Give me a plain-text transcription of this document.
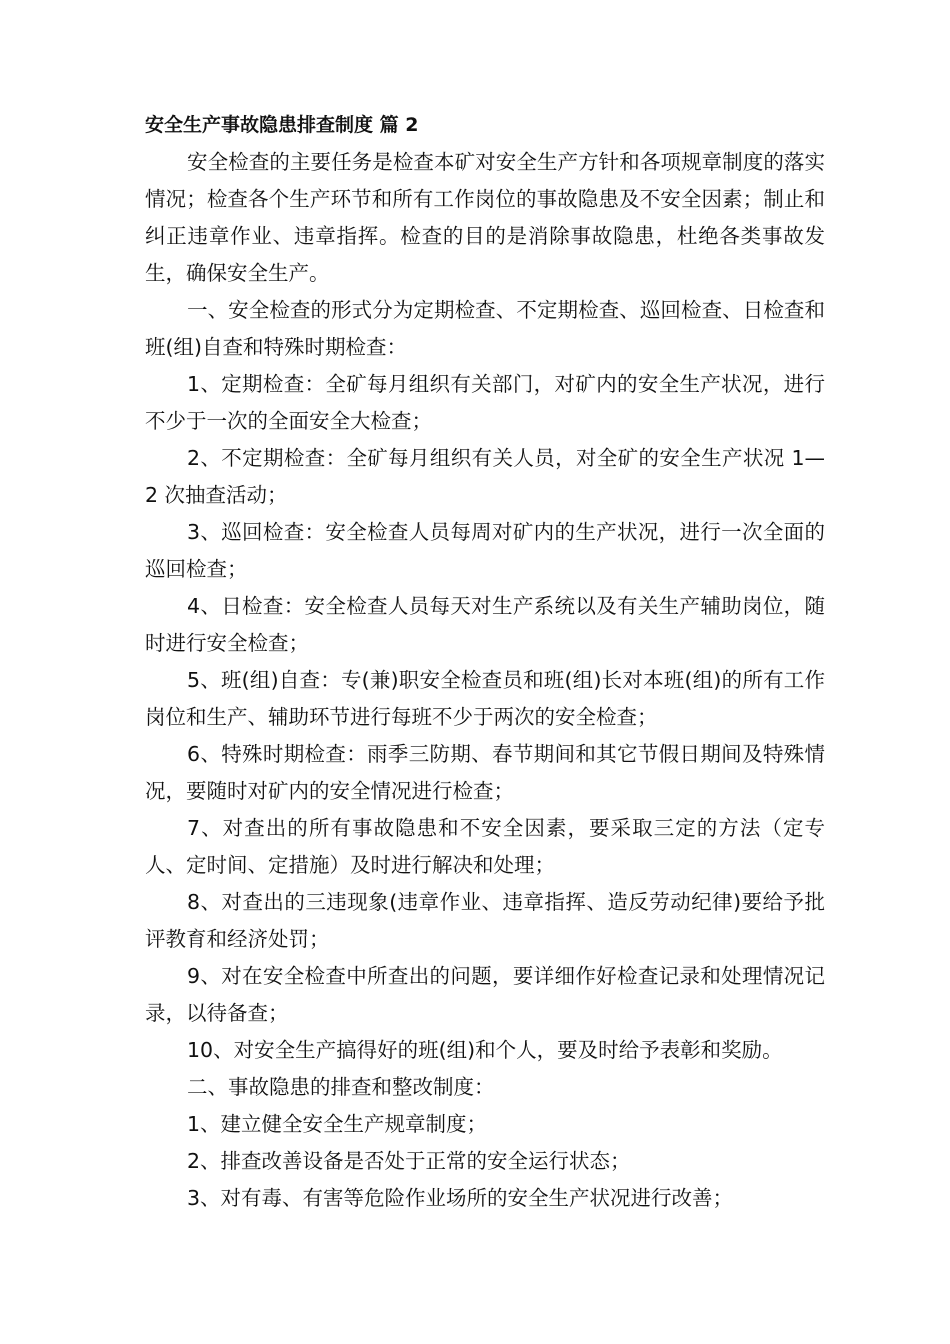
安全生产事故隐患排查制度 篇 2

安全检查的主要任务是检查本矿对安全生产方针和各项规章制度的落实情况；检查各个生产环节和所有工作岗位的事故隐患及不安全因素；制止和纠正违章作业、违章指挥。检查的目的是消除事故隐患，杜绝各类事故发生，确保安全生产。

一、安全检查的形式分为定期检查、不定期检查、巡回检查、日检查和班(组)自查和特殊时期检查：

1、定期检查：全矿每月组织有关部门，对矿内的安全生产状况，进行不少于一次的全面安全大检查；

2、不定期检查：全矿每月组织有关人员，对全矿的安全生产状况 1—2 次抽查活动；

3、巡回检查：安全检查人员每周对矿内的生产状况，进行一次全面的巡回检查；

4、日检查：安全检查人员每天对生产系统以及有关生产辅助岗位，随时进行安全检查；

5、班(组)自查：专(兼)职安全检查员和班(组)长对本班(组)的所有工作岗位和生产、辅助环节进行每班不少于两次的安全检查；

6、特殊时期检查：雨季三防期、春节期间和其它节假日期间及特殊情况，要随时对矿内的安全情况进行检查；

7、对查出的所有事故隐患和不安全因素，要采取三定的方法（定专人、定时间、定措施）及时进行解决和处理；

8、对查出的三违现象(违章作业、违章指挥、造反劳动纪律)要给予批评教育和经济处罚；

9、对在安全检查中所查出的问题，要详细作好检查记录和处理情况记录，以待备查；

10、对安全生产搞得好的班(组)和个人，要及时给予表彰和奖励。

二、事故隐患的排查和整改制度：

1、建立健全安全生产规章制度；

2、排查改善设备是否处于正常的安全运行状态；

3、对有毒、有害等危险作业场所的安全生产状况进行改善；
